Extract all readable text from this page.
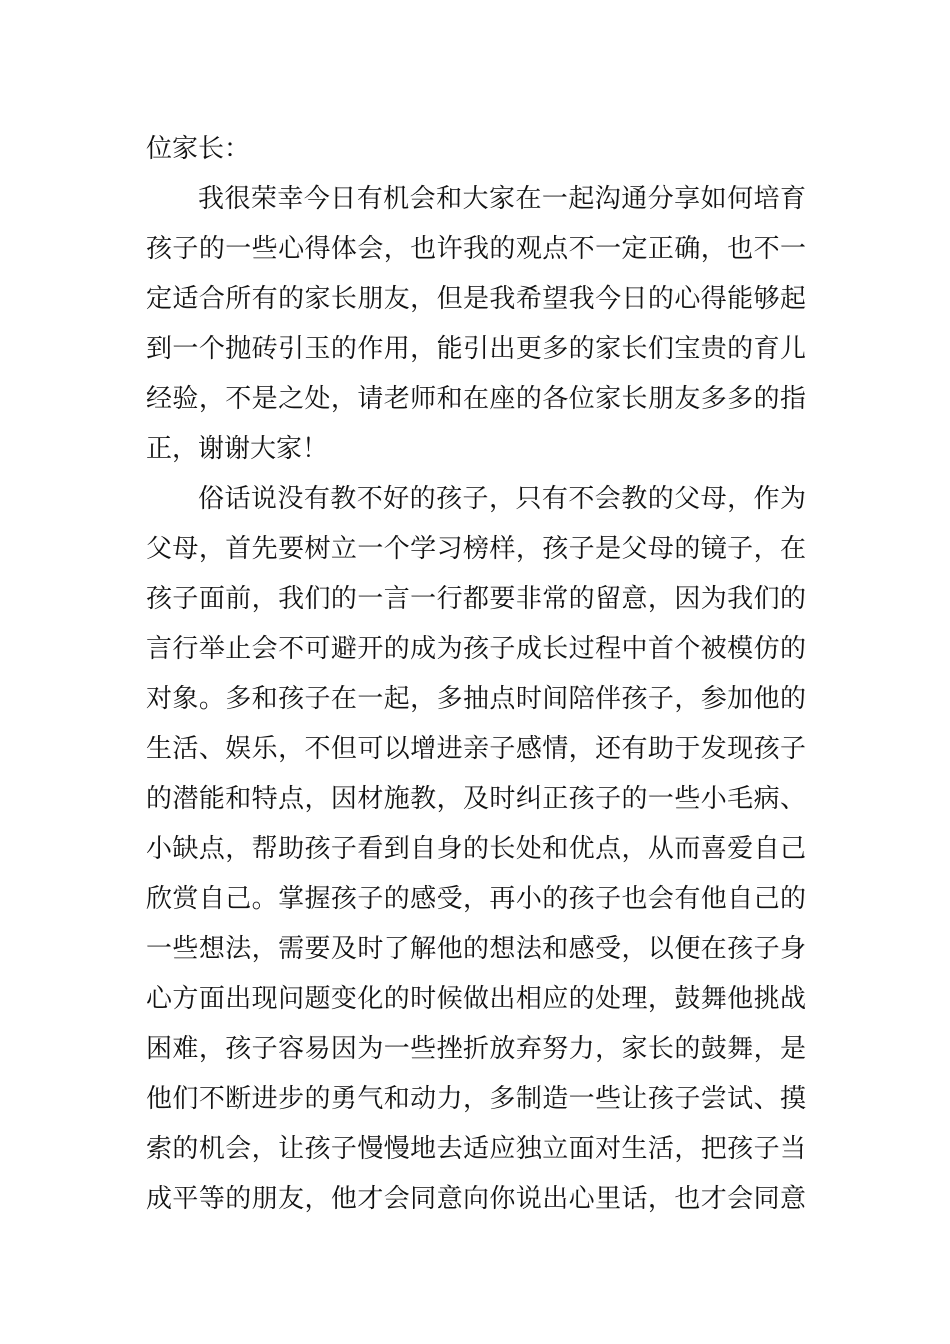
位家长：
我很荣幸今日有机会和大家在一起沟通分享如何培育
孩子的一些心得体会，也许我的观点不一定正确，也不一
定适合所有的家长朋友，但是我希望我今日的心得能够起
到一个抛砖引玉的作用，能引出更多的家长们宝贵的育儿
经验，不是之处，请老师和在座的各位家长朋友多多的指
正，谢谢大家！
俗话说没有教不好的孩子，只有不会教的父母，作为
父母，首先要树立一个学习榜样，孩子是父母的镜子，在
孩子面前，我们的一言一行都要非常的留意，因为我们的
言行举止会不可避开的成为孩子成长过程中首个被模仿的
对象。多和孩子在一起，多抽点时间陪伴孩子，参加他的
生活、娱乐，不但可以增进亲子感情，还有助于发现孩子
的潜能和特点，因材施教，及时纠正孩子的一些小毛病、
小缺点，帮助孩子看到自身的长处和优点，从而喜爱自己
欣赏自己。掌握孩子的感受，再小的孩子也会有他自己的
一些想法，需要及时了解他的想法和感受，以便在孩子身
心方面出现问题变化的时候做出相应的处理，鼓舞他挑战
困难，孩子容易因为一些挫折放弃努力，家长的鼓舞，是
他们不断进步的勇气和动力，多制造一些让孩子尝试、摸
索的机会，让孩子慢慢地去适应独立面对生活，把孩子当
成平等的朋友，他才会同意向你说出心里话，也才会同意
